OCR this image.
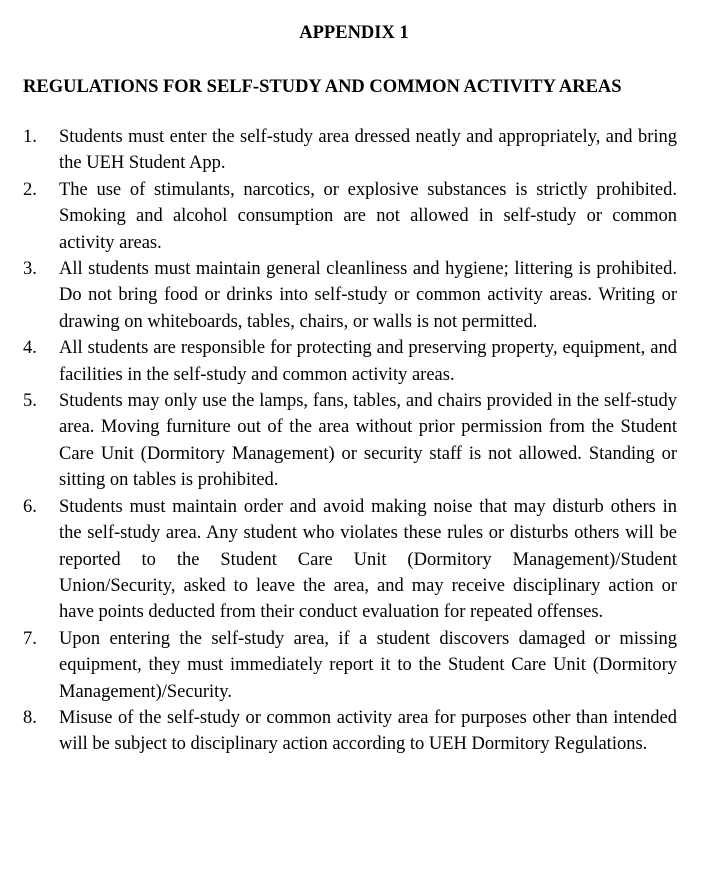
APPENDIX 1
REGULATIONS FOR SELF-STUDY AND COMMON ACTIVITY AREAS
1. Students must enter the self-study area dressed neatly and appropriately, and bring the UEH Student App.
2. The use of stimulants, narcotics, or explosive substances is strictly prohibited. Smoking and alcohol consumption are not allowed in self-study or common activity areas.
3. All students must maintain general cleanliness and hygiene; littering is prohibited. Do not bring food or drinks into self-study or common activity areas. Writing or drawing on whiteboards, tables, chairs, or walls is not permitted.
4. All students are responsible for protecting and preserving property, equipment, and facilities in the self-study and common activity areas.
5. Students may only use the lamps, fans, tables, and chairs provided in the self-study area. Moving furniture out of the area without prior permission from the Student Care Unit (Dormitory Management) or security staff is not allowed. Standing or sitting on tables is prohibited.
6. Students must maintain order and avoid making noise that may disturb others in the self-study area. Any student who violates these rules or disturbs others will be reported to the Student Care Unit (Dormitory Management)/Student Union/Security, asked to leave the area, and may receive disciplinary action or have points deducted from their conduct evaluation for repeated offenses.
7. Upon entering the self-study area, if a student discovers damaged or missing equipment, they must immediately report it to the Student Care Unit (Dormitory Management)/Security.
8. Misuse of the self-study or common activity area for purposes other than intended will be subject to disciplinary action according to UEH Dormitory Regulations.
